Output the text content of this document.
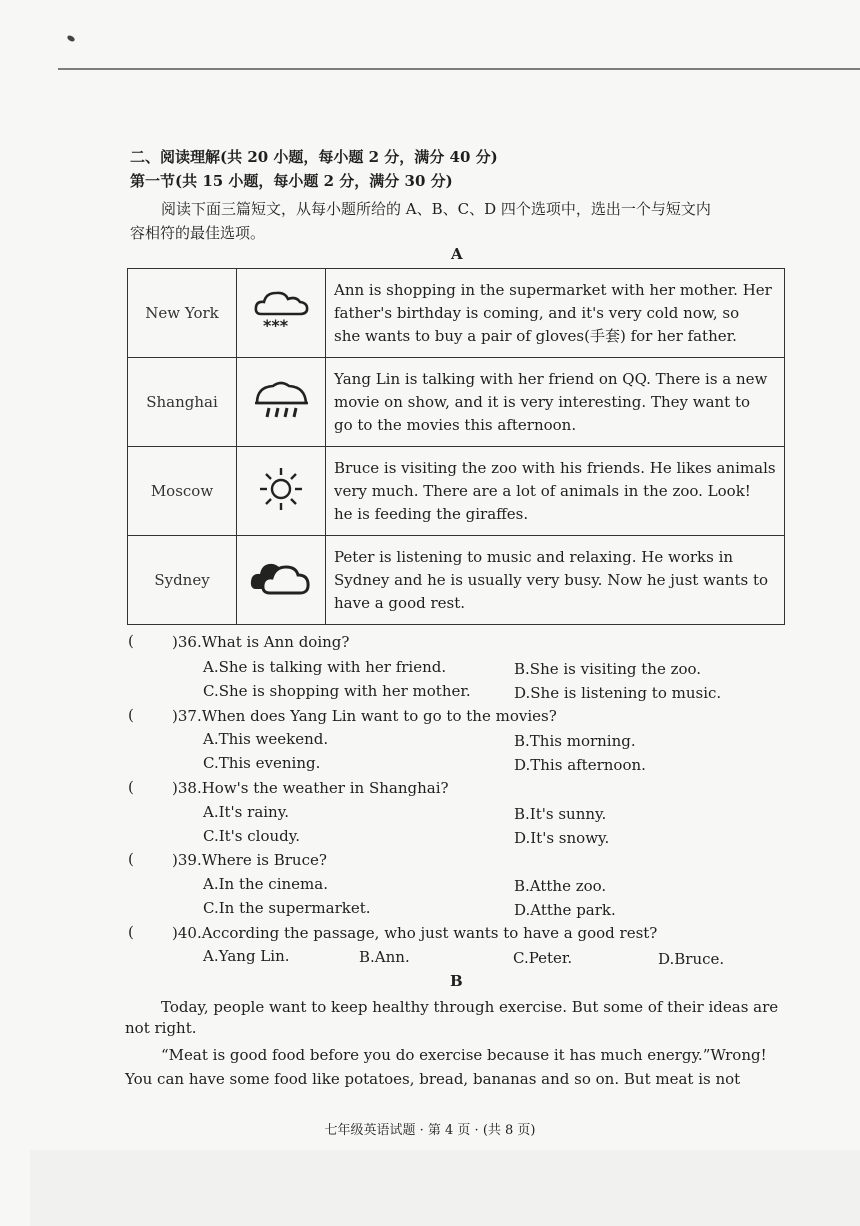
二、阅读理解(共 20 小题，每小题 2 分，满分 40 分)
第一节(共 15 小题，每小题 2 分，满分 30 分)
阅读下面三篇短文，从每小题所给的 A、B、C、D 四个选项中，选出一个与短文内
容相符的最佳选项。
A
New York	***	Ann is shopping in the supermarket with her mother. Her
father's birthday is coming, and it's very cold now, so
she wants to buy a pair of gloves(手套) for her father.

Shanghai		Yang Lin is talking with her friend on QQ. There is a new
movie on show, and it is very interesting. They want to
go to the movies this afternoon.

Moscow		Bruce is visiting the zoo with his friends. He likes animals
very much. There are a lot of animals in the zoo. Look!
he is feeding the giraffes.

Sydney		Peter is listening to music and relaxing. He works in
Sydney and he is usually very busy. Now he just wants to
have a good rest.
(	)36.What is Ann doing?
A.She is talking with her friend.	B.She is visiting the zoo.
C.She is shopping with her mother.	D.She is listening to music.
(	)37.When does Yang Lin want to go to the movies?
A.This weekend.	B.This morning.
C.This evening.	D.This afternoon.
(	)38.How's the weather in Shanghai?
A.It's rainy.	B.It's sunny.
C.It's cloudy.	D.It's snowy.
(	)39.Where is Bruce?
A.In the cinema.	B.Atthe zoo.
C.In the supermarket.	D.Atthe park.
(	)40.According the passage, who just wants to have a good rest?
A.Yang Lin.	B.Ann.	C.Peter.	D.Bruce.
B
Today, people want to keep healthy through exercise. But some of their ideas are
not right.
“Meat is good food before you do exercise because it has much energy.”Wrong!
You can have some food like potatoes, bread, bananas and so on. But meat is not
七年级英语试题 · 第 4 页 · (共 8 页)
